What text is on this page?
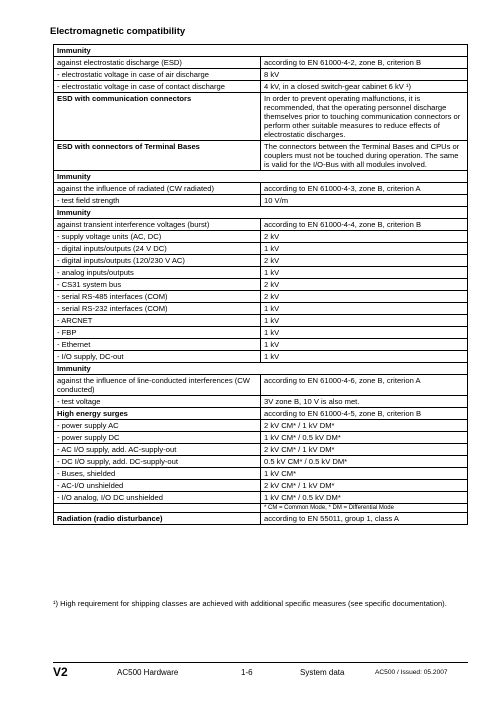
Electromagnetic compatibility
Immunity	
against electrostatic discharge (ESD)	according to EN 61000-4-2, zone B, criterion B
- electrostatic voltage in case of air discharge	8 kV
- electrostatic voltage in case of contact discharge	4 kV, in a closed switch-gear cabinet 6 kV ¹)
ESD with communication connectors	In order to prevent operating malfunctions, it is recommended, that the operating personnel discharge themselves prior to touching communication connectors or perform other suitable measures to reduce effects of electrostatic discharges.
ESD with connectors of Terminal Bases	The connectors between the Terminal Bases and CPUs or couplers must not be touched during operation. The same is valid for the I/O-Bus with all modules involved.
Immunity	
against the influence of radiated (CW radiated)	according to EN 61000-4-3, zone B, criterion A
- test field strength	10 V/m
Immunity	
against transient interference voltages (burst)	according to EN 61000-4-4, zone B, criterion B
- supply voltage units (AC, DC)	2 kV
- digital inputs/outputs (24 V DC)	1 kV
- digital inputs/outputs (120/230 V AC)	2 kV
- analog inputs/outputs	1 kV
- CS31 system bus	2 kV
- serial RS-485 interfaces (COM)	2 kV
- serial RS-232 interfaces (COM)	1 kV
- ARCNET	1 kV
- FBP	1 kV
- Ethernet	1 kV
- I/O supply, DC-out	1 kV
Immunity	
against the influence of line-conducted interferences (CW conducted)	according to EN 61000-4-6, zone B, criterion A
- test voltage	3V zone B, 10 V is also met.
High energy surges	according to EN 61000-4-5, zone B, criterion B
- power supply AC	2 kV CM* / 1 kV DM*
- power supply DC	1 kV CM* / 0.5 kV DM*
- AC I/O supply, add. AC-supply-out	2 kV CM* / 1 kV DM*
- DC I/O supply, add. DC-supply-out	0.5 kV CM* / 0.5 kV DM*
- Buses, shielded	1 kV CM*
- AC-I/O unshielded	2 kV CM* / 1 kV DM*
- I/O analog, I/O DC unshielded	1 kV CM* / 0.5 kV DM*
	* CM = Common Mode, * DM = Differential Mode
Radiation (radio disturbance)	according to EN 55011, group 1, class A
¹) High requirement for shipping classes are achieved with additional specific measures (see specific documentation).
V2	AC500 Hardware	1-6	System data	AC500 / Issued: 05.2007
